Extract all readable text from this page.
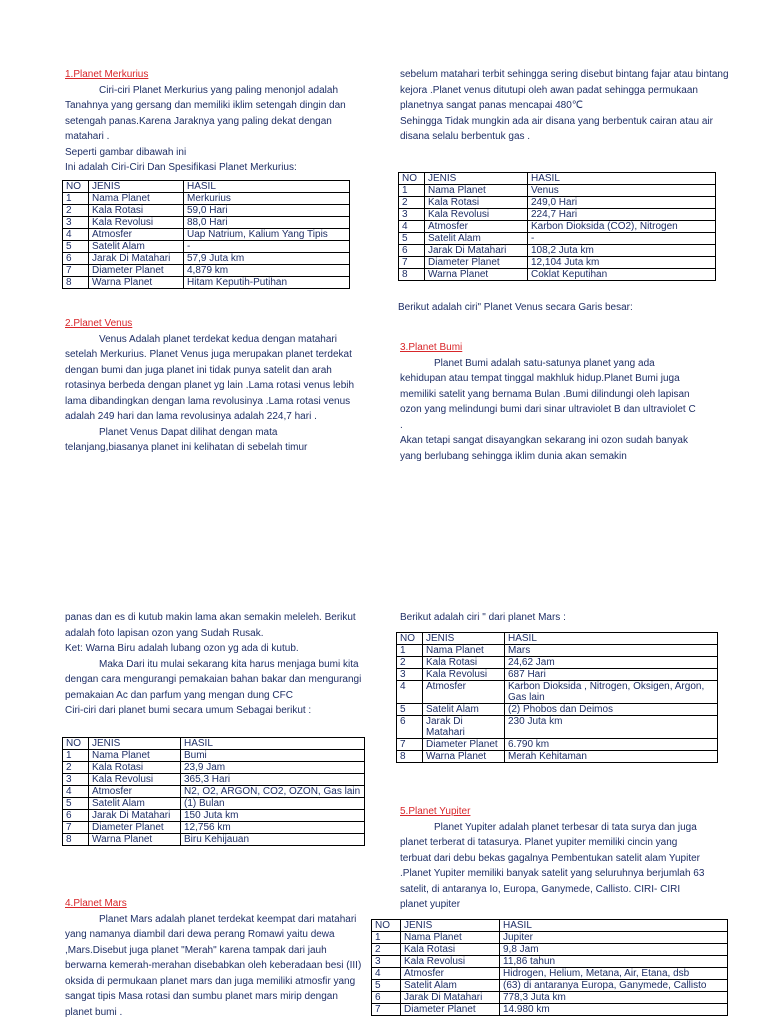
1.Planet Merkurius

Ciri-ciri Planet Merkurius yang paling menonjol adalah Tanahnya yang gersang dan memiliki iklim setengah dingin dan setengah panas.Karena Jaraknya yang paling dekat dengan matahari .

Seperti gambar dibawah ini

Ini adalah Ciri-Ciri Dan Spesifikasi Planet Merkurius:

NO	JENIS	HASIL
1	Nama Planet	Merkurius
2	Kala Rotasi	59,0 Hari
3	Kala Revolusi	88,0 Hari
4	Atmosfer	Uap Natrium, Kalium Yang Tipis
5	Satelit Alam	-
6	Jarak Di Matahari	57,9 Juta km
7	Diameter Planet	4,879 km
8	Warna Planet	Hitam Keputih-Putihan
2.Planet Venus

Venus Adalah planet terdekat kedua dengan matahari setelah Merkurius. Planet Venus juga merupakan planet terdekat dengan bumi dan juga planet ini tidak punya satelit dan arah rotasinya berbeda dengan planet yg lain .Lama rotasi venus lebih lama dibandingkan dengan lama revolusinya .Lama rotasi venus adalah 249 hari dan lama revolusinya adalah 224,7 hari .

Planet Venus Dapat dilihat dengan mata telanjang,biasanya planet ini kelihatan di sebelah timur

sebelum matahari terbit sehingga sering disebut bintang fajar atau bintang kejora .Planet venus ditutupi oleh awan padat sehingga permukaan planetnya sangat panas mencapai 480℃

Sehingga Tidak mungkin ada air disana yang berbentuk cairan atau air disana selalu berbentuk gas .

NO	JENIS	HASIL
1	Nama Planet	Venus
2	Kala Rotasi	249,0 Hari
3	Kala Revolusi	224,7 Hari
4	Atmosfer	Karbon Dioksida (CO2), Nitrogen
5	Satelit Alam	-
6	Jarak Di Matahari	108,2 Juta km
7	Diameter Planet	12,104 Juta km
8	Warna Planet	Coklat Keputihan

Berikut adalah ciri" Planet Venus secara Garis besar:

3.Planet Bumi

Planet Bumi adalah satu-satunya planet yang ada kehidupan atau tempat tinggal makhluk hidup.Planet Bumi juga memiliki satelit yang bernama Bulan .Bumi dilindungi oleh lapisan ozon yang melindungi bumi dari sinar ultraviolet B dan ultraviolet C .

Akan tetapi sangat disayangkan sekarang ini ozon sudah banyak yang berlubang sehingga iklim dunia akan semakin

panas dan es di kutub makin lama akan semakin meleleh. Berikut adalah foto lapisan ozon yang Sudah Rusak.

Ket: Warna Biru adalah lubang ozon yg ada di kutub.

Maka Dari itu mulai sekarang kita harus menjaga bumi kita dengan cara mengurangi pemakaian bahan bakar dan mengurangi pemakaian Ac dan parfum yang mengan dung CFC

Ciri-ciri dari planet bumi secara umum Sebagai berikut :

NO	JENIS	HASIL
1	Nama Planet	Bumi
2	Kala Rotasi	23,9 Jam
3	Kala Revolusi	365,3 Hari
4	Atmosfer	N2, O2, ARGON, CO2, OZON, Gas lain
5	Satelit Alam	(1) Bulan
6	Jarak Di Matahari	150 Juta km
7	Diameter Planet	12,756 km
8	Warna Planet	Biru Kehijauan
4.Planet Mars

Planet Mars adalah planet terdekat keempat dari matahari yang namanya diambil dari dewa perang Romawi yaitu dewa ,Mars.Disebut juga planet "Merah" karena tampak dari jauh berwarna kemerah-merahan disebabkan oleh keberadaan besi (III) oksida di permukaan planet mars dan juga memiliki atmosfir yang sangat tipis Masa rotasi dan sumbu planet mars mirip dengan planet bumi .

Berikut adalah ciri " dari planet Mars :

NO	JENIS	HASIL
1	Nama Planet	Mars
2	Kala Rotasi	24,62 Jam
3	Kala Revolusi	687 Hari
4	Atmosfer	Karbon Dioksida , Nitrogen, Oksigen, Argon, Gas lain
5	Satelit Alam	(2) Phobos dan Deimos
6	Jarak Di Matahari	230 Juta km
7	Diameter Planet	6.790 km
8	Warna Planet	Merah Kehitaman
5.Planet Yupiter

Planet Yupiter adalah planet terbesar di tata surya dan juga planet terberat di tatasurya. Planet yupiter memiliki cincin yang terbuat dari debu bekas gagalnya Pembentukan satelit alam Yupiter .Planet Yupiter memiliki banyak satelit yang seluruhnya berjumlah 63 satelit, di antaranya Io, Europa, Ganymede, Callisto. CIRI- CIRI planet yupiter

NO	JENIS	HASIL
1	Nama Planet	Jupiter
2	Kala Rotasi	9,8 Jam
3	Kala Revolusi	11,86 tahun
4	Atmosfer	Hidrogen, Helium, Metana, Air, Etana, dsb
5	Satelit Alam	(63) di antaranya Europa, Ganymede, Callisto
6	Jarak Di Matahari	778,3 Juta km
7	Diameter Planet	14.980 km
